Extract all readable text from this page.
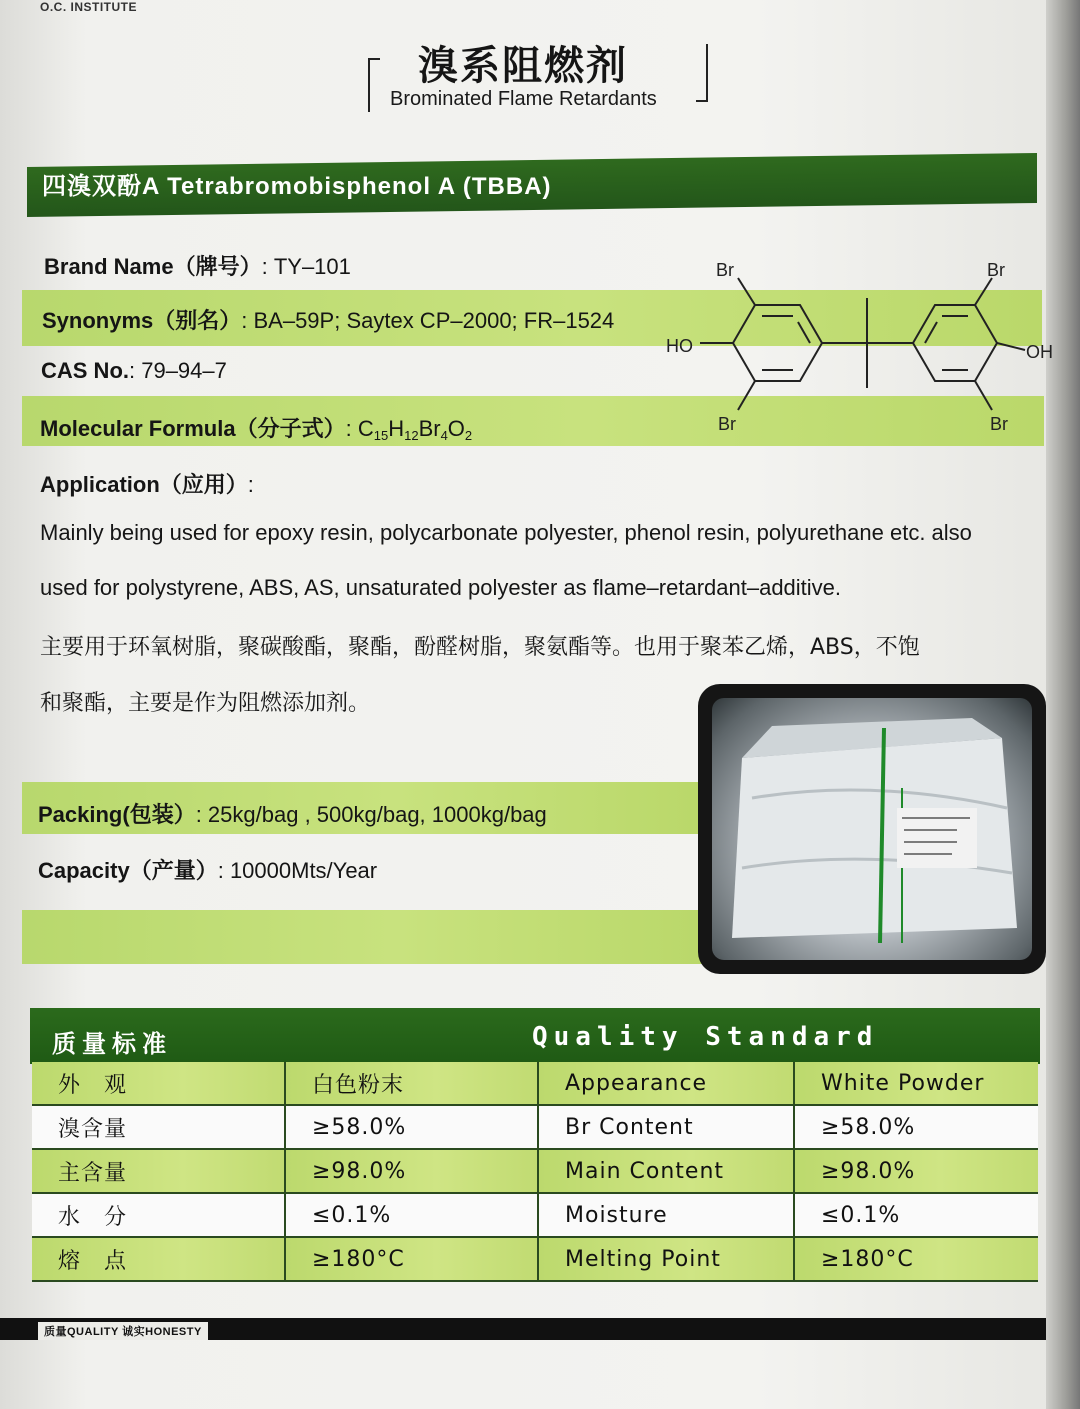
O.C. INSTITUTE
溴系阻燃剂
Brominated Flame Retardants
四溴双酚A Tetrabromobisphenol A (TBBA)
Brand Name（牌号）: TY–101
Synonyms（别名）: BA–59P; Saytex CP–2000; FR–1524
CAS No.: 79–94–7
Molecular Formula（分子式）: $C_{15}H_{12}Br_4O_2$
Application（应用）:
Br	Br
Br	Br
HO	OH
Mainly being used for epoxy resin, polycarbonate polyester, phenol resin, polyurethane etc. also
used for polystyrene, ABS, AS, unsaturated polyester as flame–retardant–additive.
主要用于环氧树脂，聚碳酸酯，聚酯，酚醛树脂，聚氨酯等。也用于聚苯乙烯，ABS，不饱
和聚酯，主要是作为阻燃添加剂。
Packing(包装）: 25kg/bag , 500kg/bag, 1000kg/bag
Capacity（产量）: 10000Mts/Year
质量标准	Quality Standard
外　观	白色粉末	Appearance	White Powder
溴含量	≥58.0%	Br Content	≥58.0%
主含量	≥98.0%	Main Content	≥98.0%
水　分	≤0.1%	Moisture	≤0.1%
熔　点	≥180°C	Melting Point	≥180°C
质量QUALITY 诚实HONESTY
